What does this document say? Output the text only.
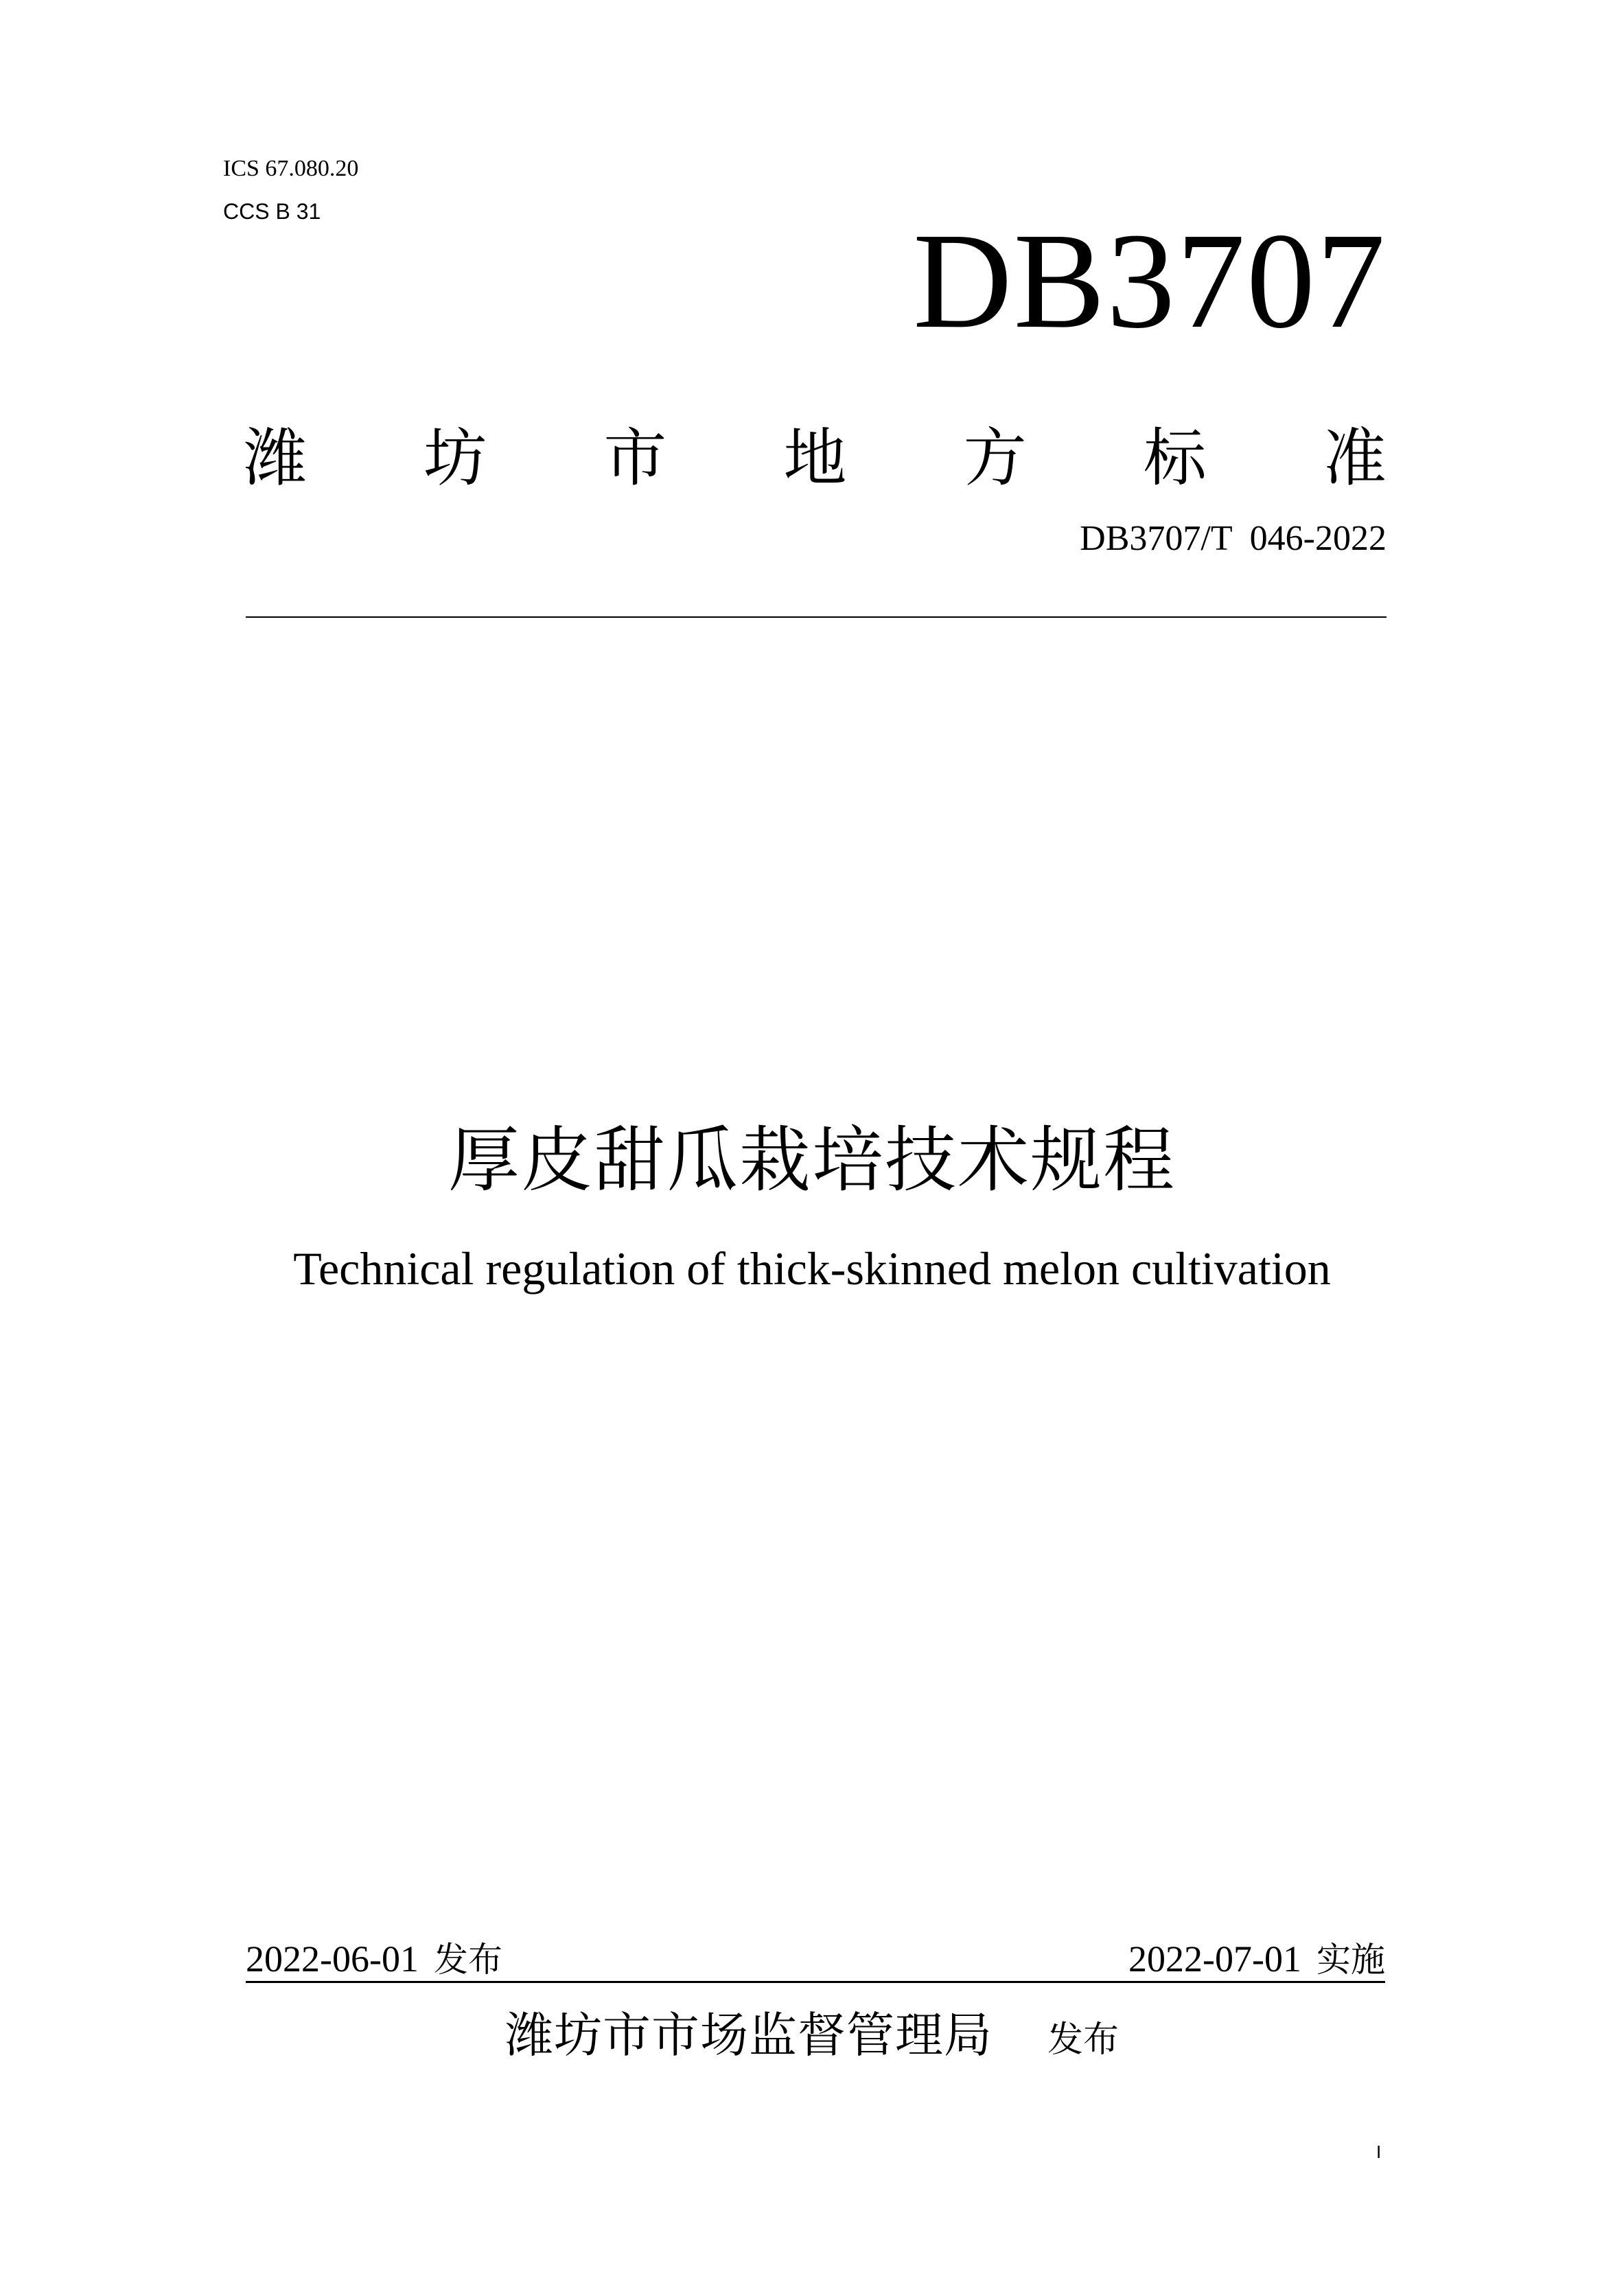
ICS 67.080.20
CCS B 31	DB3707
潍 坊 市 地 方 标 准
DB3707/T  046-2022
厚皮甜瓜栽培技术规程
Technical regulation of thick-skinned melon cultivation
2022-06-01 发布	2022-07-01 实施
潍坊市市场监督管理局 发布
I
